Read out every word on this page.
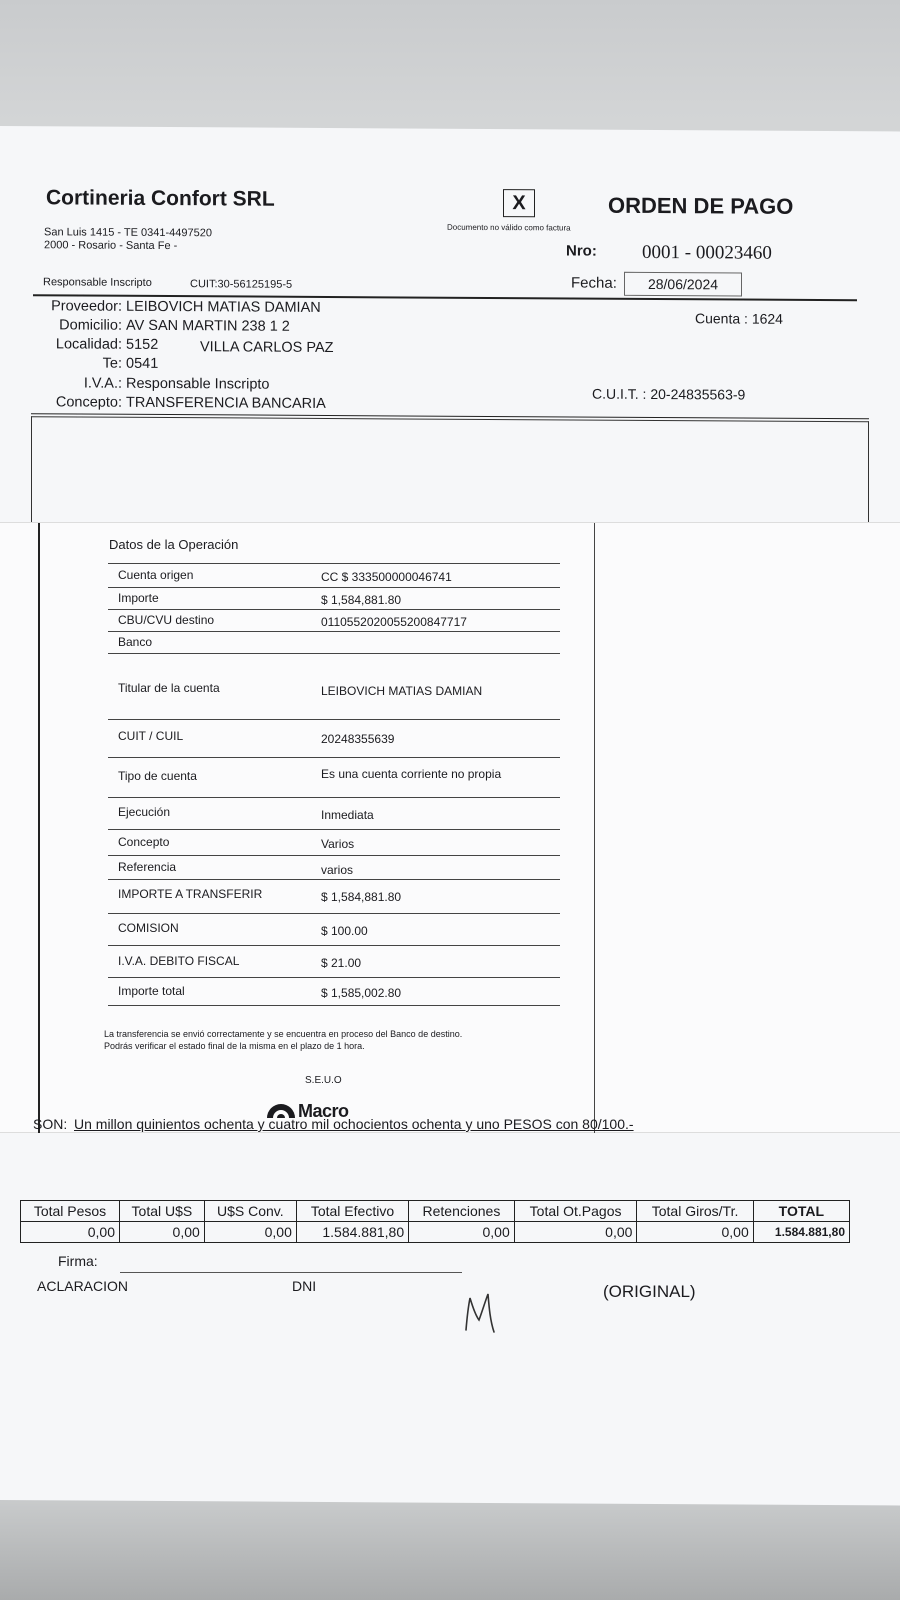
Cortineria Confort SRL
San Luis 1415 - TE 0341-4497520
2000 - Rosario - Santa Fe -
X
Documento no válido como factura
ORDEN DE PAGO
Nro: 0001 - 00023460
Fecha:	28/06/2024
Responsable Inscripto	CUIT:30-56125195-5
Proveedor: LEIBOVICH MATIAS DAMIAN
Domicilio: AV SAN MARTIN 238 1 2
Localidad: 5152	VILLA CARLOS PAZ
Te: 0541
I.V.A.: Responsable Inscripto
Concepto: TRANSFERENCIA BANCARIA
Cuenta : 1624
C.U.I.T. : 20-24835563-9
Datos de la Operación
Cuenta origen	CC $ 333500000046741
Importe	$ 1,584,881.80
CBU/CVU destino	0110552020055200847717
Banco
Titular de la cuenta	LEIBOVICH MATIAS DAMIAN
CUIT / CUIL	20248355639
Tipo de cuenta	Es una cuenta corriente no propia
Ejecución	Inmediata
Concepto	Varios
Referencia	varios
IMPORTE A TRANSFERIR	$ 1,584,881.80
COMISION	$ 100.00
I.V.A. DEBITO FISCAL	$ 21.00
Importe total	$ 1,585,002.80
La transferencia se envió correctamente y se encuentra en proceso del Banco de destino.
Podrás verificar el estado final de la misma en el plazo de 1 hora.
S.E.U.O
Macro
SON: Un millon quinientos ochenta y cuatro mil ochocientos ochenta y uno PESOS con 80/100.-
Total Pesos	Total U$S	U$S Conv.	Total Efectivo	Retenciones	Total Ot.Pagos	Total Giros/Tr.	TOTAL
0,00	0,00	0,00	1.584.881,80	0,00	0,00	0,00	1.584.881,80
Firma:
ACLARACION	DNI	(ORIGINAL)
